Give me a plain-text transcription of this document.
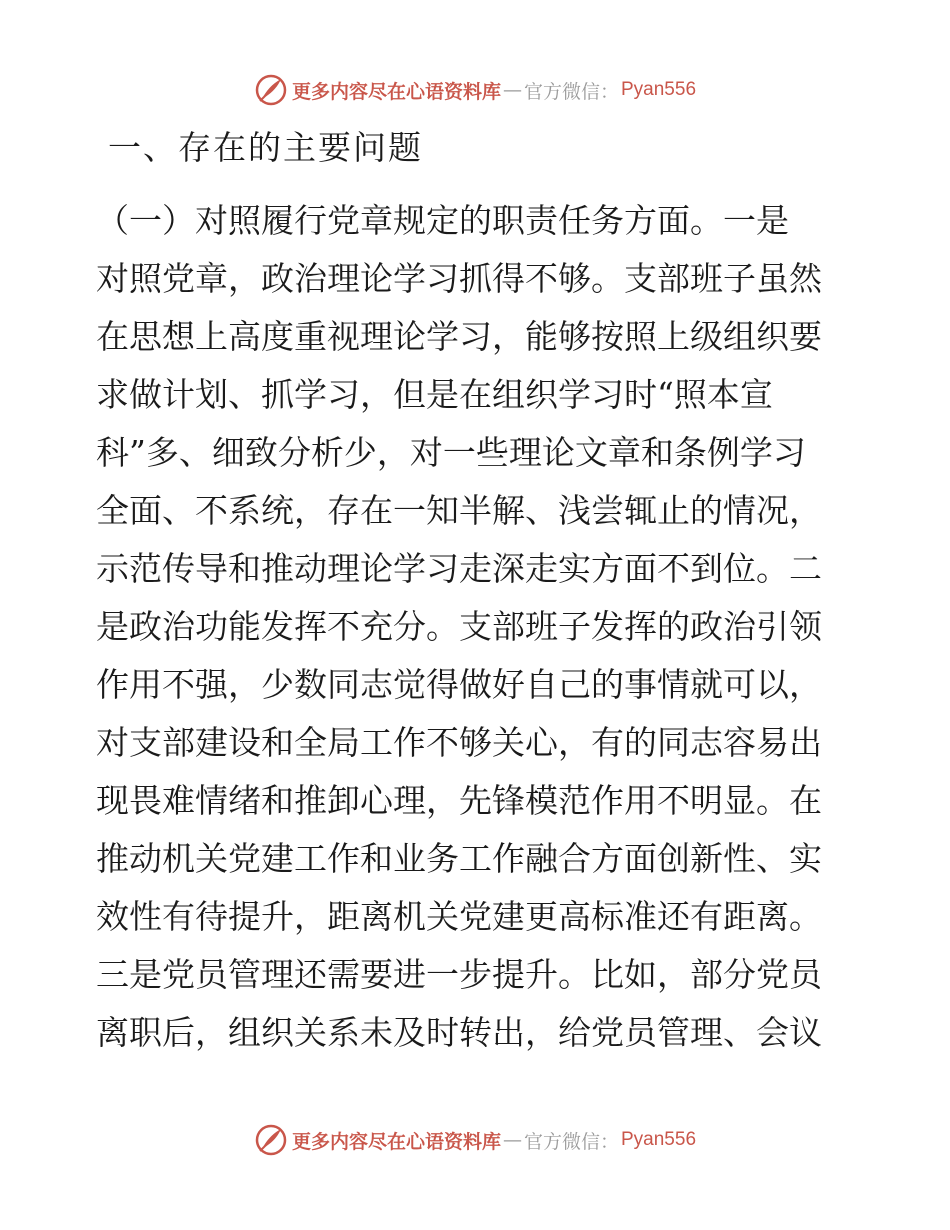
更多内容尽在心语资料库 — 官方微信： Pyan556
一、存在的主要问题
（一）对照履行党章规定的职责任务方面。一是
对照党章，政治理论学习抓得不够。支部班子虽然
在思想上高度重视理论学习，能够按照上级组织要
求做计划、抓学习，但是在组织学习时“照本宣
科”多、细致分析少，对一些理论文章和条例学习
全面、不系统，存在一知半解、浅尝辄止的情况，
示范传导和推动理论学习走深走实方面不到位。二
是政治功能发挥不充分。支部班子发挥的政治引领
作用不强，少数同志觉得做好自己的事情就可以，
对支部建设和全局工作不够关心，有的同志容易出
现畏难情绪和推卸心理，先锋模范作用不明显。在
推动机关党建工作和业务工作融合方面创新性、实
效性有待提升，距离机关党建更高标准还有距离。
三是党员管理还需要进一步提升。比如，部分党员
离职后，组织关系未及时转出，给党员管理、会议
更多内容尽在心语资料库 — 官方微信： Pyan556
